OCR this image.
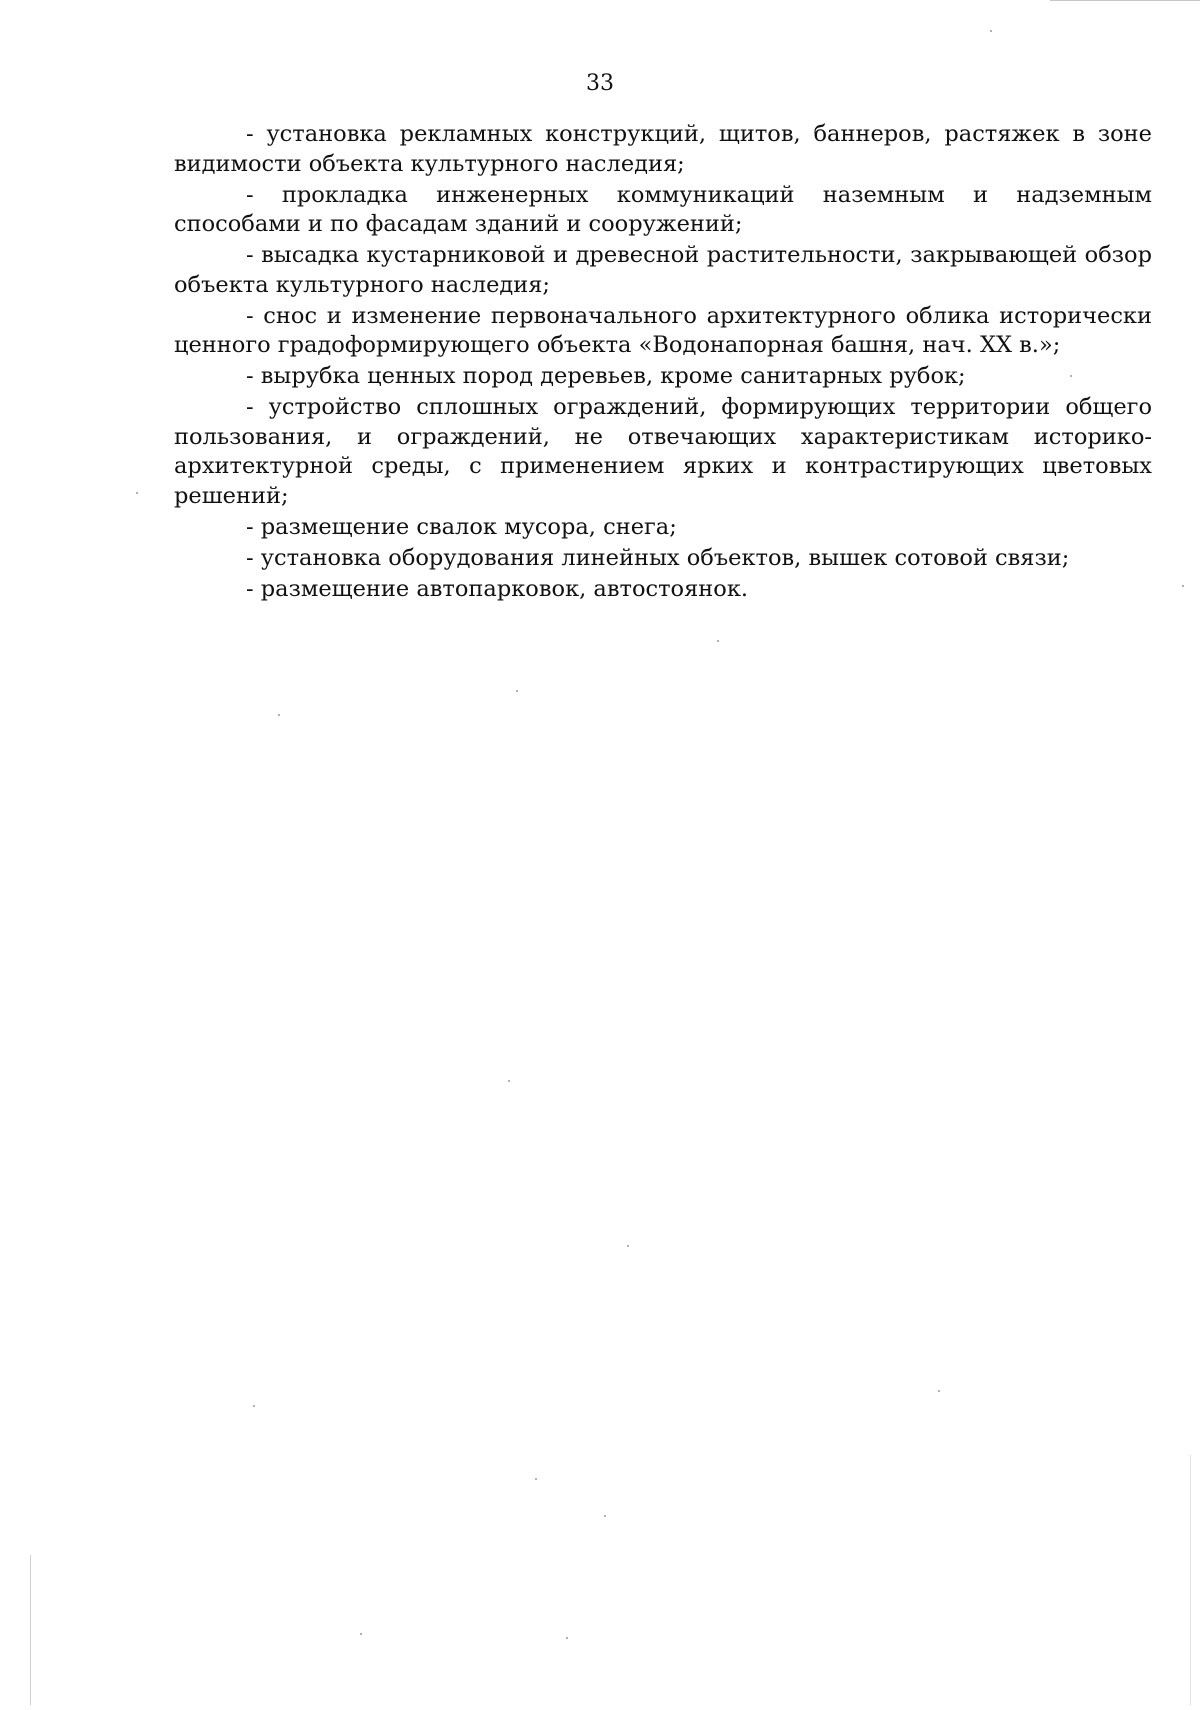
33

- установка рекламных конструкций, щитов, баннеров, растяжек в зоне видимости объекта культурного наследия;

- прокладка инженерных коммуникаций наземным и надземным способами и по фасадам зданий и сооружений;

- высадка кустарниковой и древесной растительности, закрывающей обзор объекта культурного наследия;

- снос и изменение первоначального архитектурного облика исторически ценного градоформирующего объекта «Водонапорная башня, нач. XX в.»;

- вырубка ценных пород деревьев, кроме санитарных рубок;

- устройство сплошных ограждений, формирующих территории общего пользования, и ограждений, не отвечающих характеристикам историко-архитектурной среды, с применением ярких и контрастирующих цветовых решений;

- размещение свалок мусора, снега;

- установка оборудования линейных объектов, вышек сотовой связи;

- размещение автопарковок, автостоянок.
